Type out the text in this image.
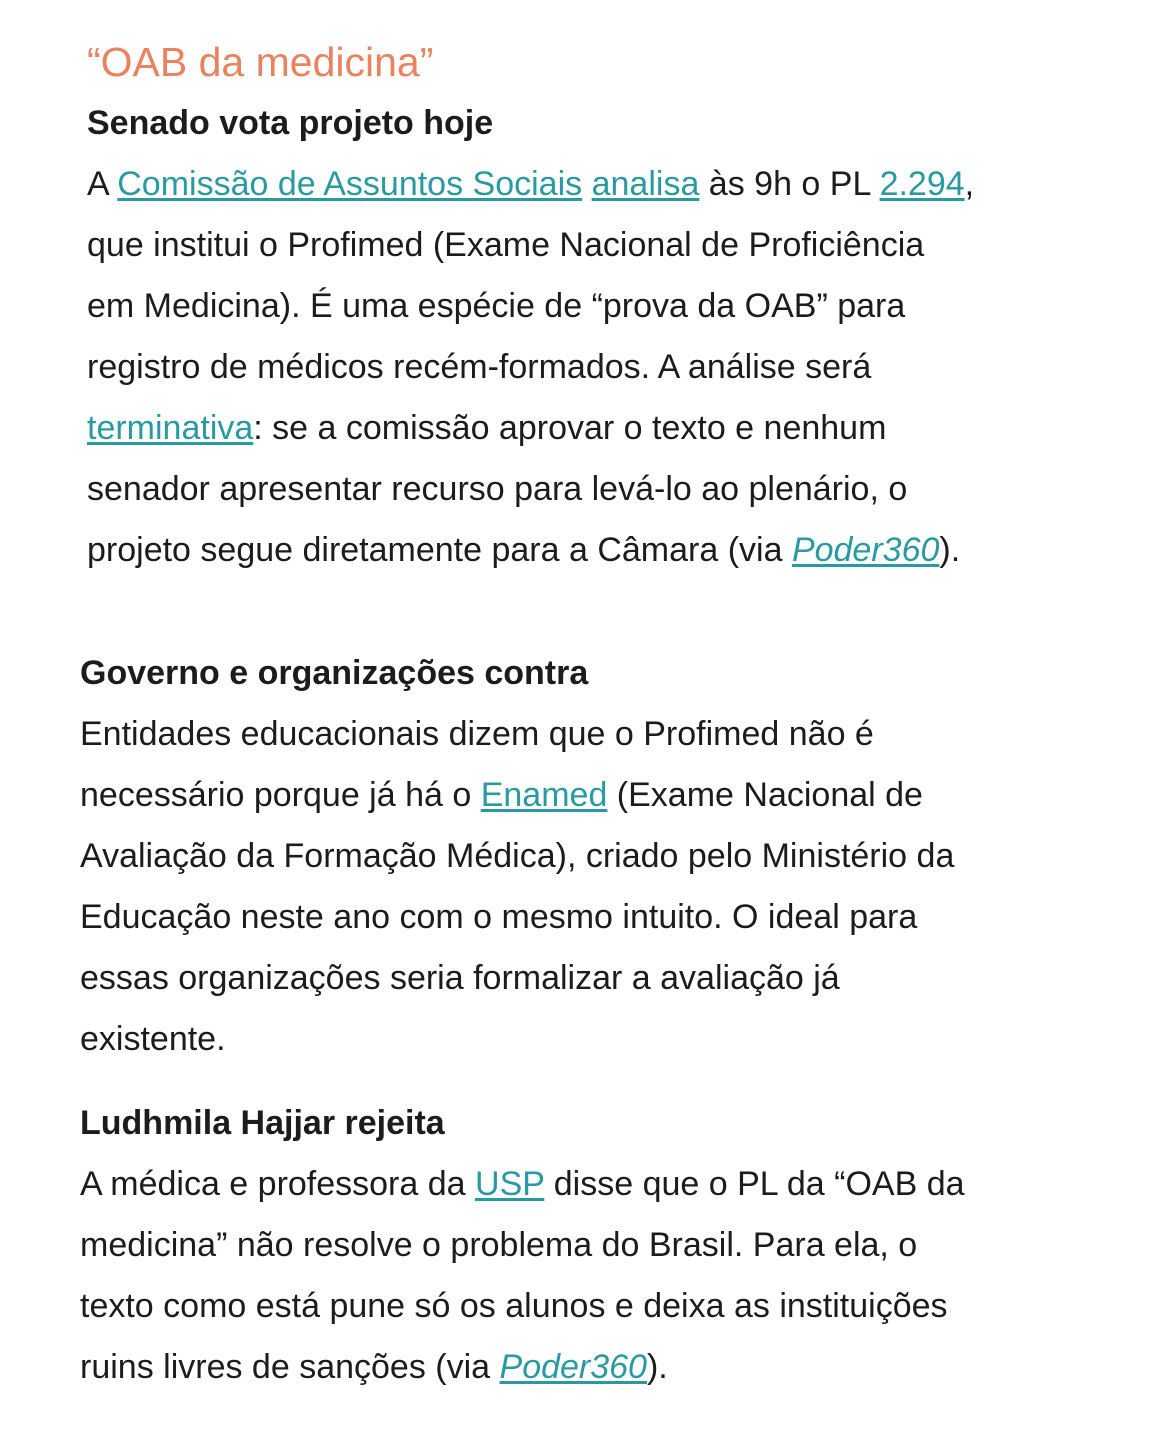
“OAB da medicina”
Senado vota projeto hoje
A Comissão de Assuntos Sociais analisa às 9h o PL 2.294,
que institui o Profimed (Exame Nacional de Proficiência
em Medicina). É uma espécie de “prova da OAB” para
registro de médicos recém-formados. A análise será
terminativa: se a comissão aprovar o texto e nenhum
senador apresentar recurso para levá-lo ao plenário, o
projeto segue diretamente para a Câmara (via Poder360).
Governo e organizações contra
Entidades educacionais dizem que o Profimed não é
necessário porque já há o Enamed (Exame Nacional de
Avaliação da Formação Médica), criado pelo Ministério da
Educação neste ano com o mesmo intuito. O ideal para
essas organizações seria formalizar a avaliação já
existente.
Ludhmila Hajjar rejeita
A médica e professora da USP disse que o PL da “OAB da
medicina” não resolve o problema do Brasil. Para ela, o
texto como está pune só os alunos e deixa as instituições
ruins livres de sanções (via Poder360).
